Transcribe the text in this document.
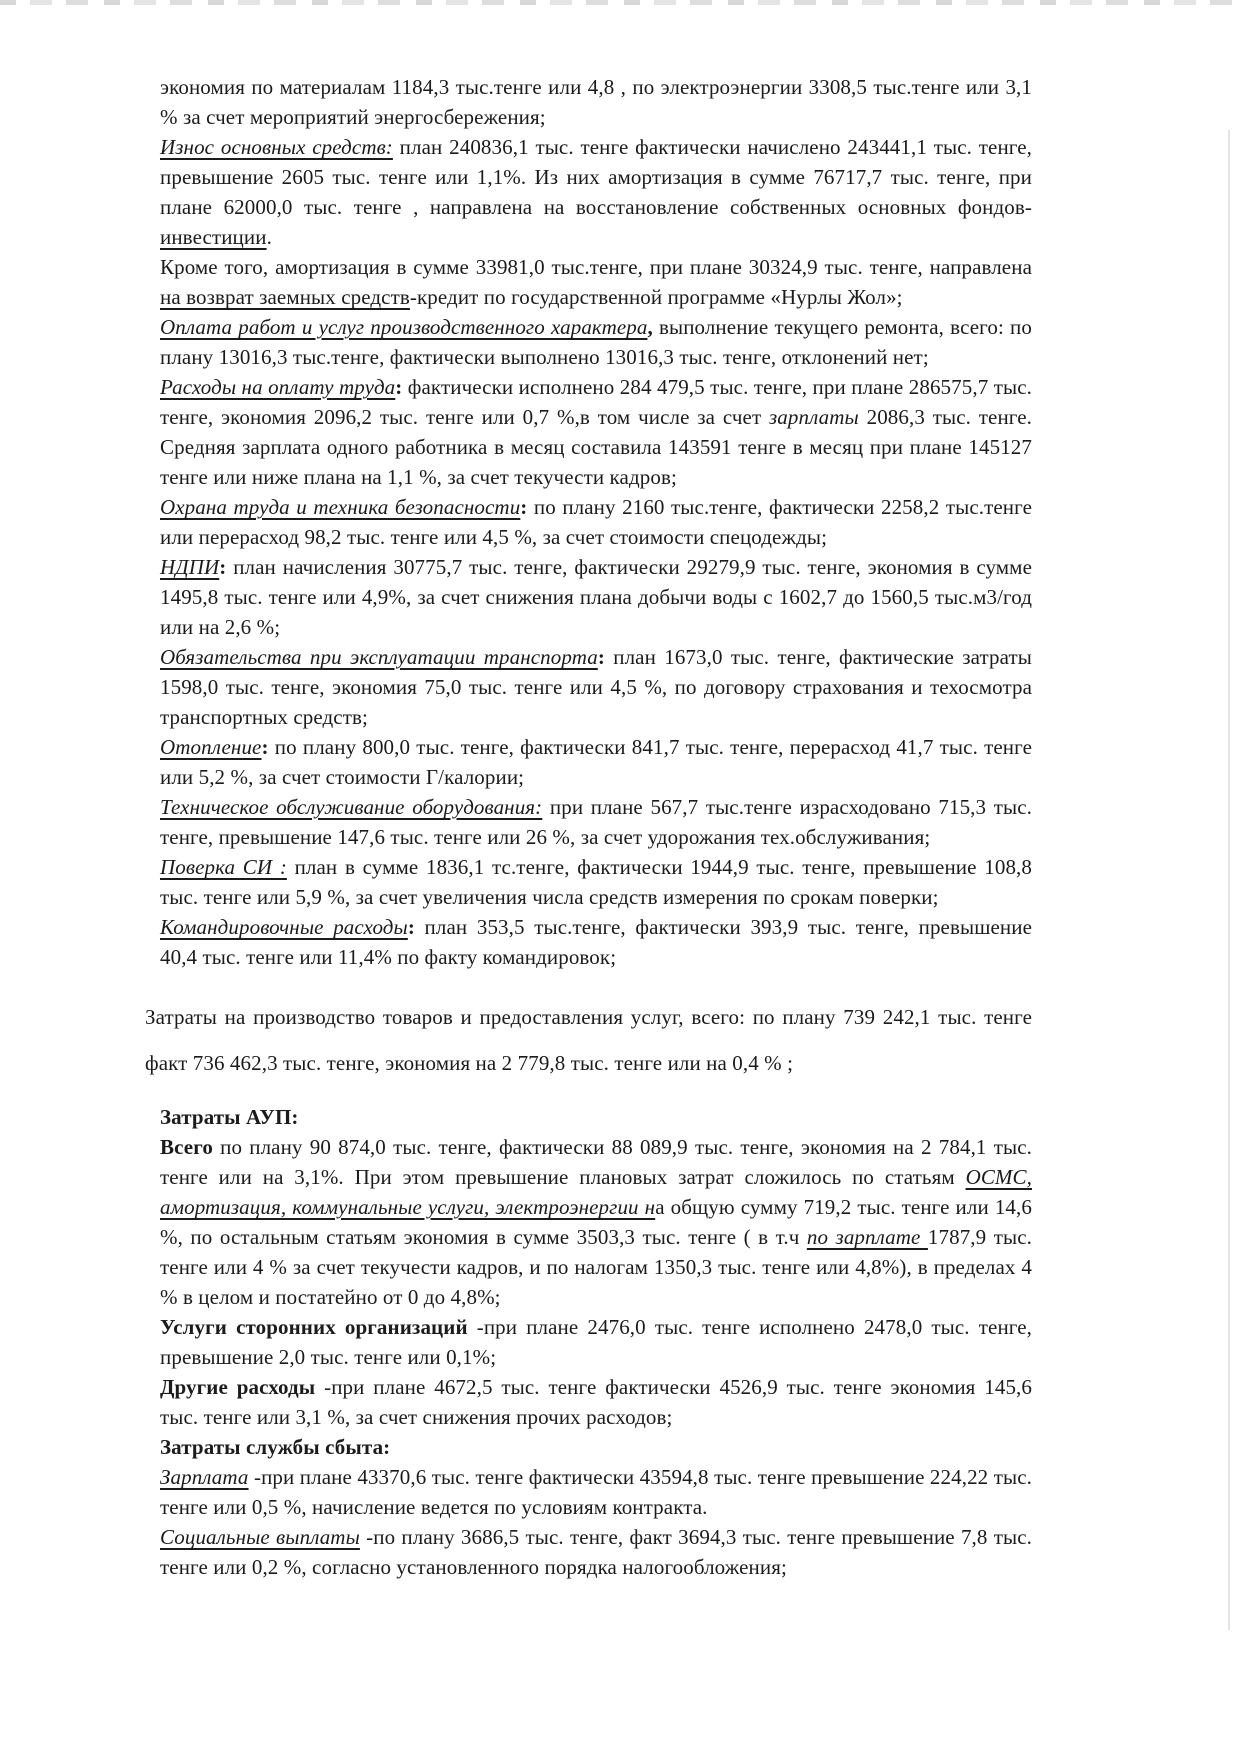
экономия по материалам 1184,3 тыс.тенге или 4,8 , по электроэнергии 3308,5 тыс.тенге или 3,1 % за счет мероприятий энергосбережения;

Износ основных средств: план 240836,1 тыс. тенге фактически начислено 243441,1 тыс. тенге, превышение 2605 тыс. тенге или 1,1%. Из них амортизация в сумме 76717,7 тыс. тенге, при плане 62000,0 тыс. тенге , направлена на восстановление собственных основных фондов- инвестиции.

Кроме того, амортизация в сумме 33981,0 тыс.тенге, при плане 30324,9 тыс. тенге, направлена на возврат заемных средств-кредит по государственной программе «Нурлы Жол»;

Оплата работ и услуг производственного характера, выполнение текущего ремонта, всего: по плану 13016,3 тыс.тенге, фактически выполнено 13016,3 тыс. тенге, отклонений нет;

Расходы на оплату труда: фактически исполнено 284 479,5 тыс. тенге, при плане 286575,7 тыс. тенге, экономия 2096,2 тыс. тенге или 0,7 %,в том числе за счет зарплаты 2086,3 тыс. тенге. Средняя зарплата одного работника в месяц составила 143591 тенге в месяц при плане 145127 тенге или ниже плана на 1,1 %, за счет текучести кадров;

Охрана труда и техника безопасности: по плану 2160 тыс.тенге, фактически 2258,2 тыс.тенге или перерасход 98,2 тыс. тенге или 4,5 %, за счет стоимости спецодежды;

НДПИ: план начисления 30775,7 тыс. тенге, фактически 29279,9 тыс. тенге, экономия в сумме 1495,8 тыс. тенге или 4,9%, за счет снижения плана добычи воды с 1602,7 до 1560,5 тыс.м3/год или на 2,6 %;

Обязательства при эксплуатации транспорта: план 1673,0 тыс. тенге, фактические затраты 1598,0 тыс. тенге, экономия 75,0 тыс. тенге или 4,5 %, по договору страхования и техосмотра транспортных средств;

Отопление: по плану 800,0 тыс. тенге, фактически 841,7 тыс. тенге, перерасход 41,7 тыс. тенге или 5,2 %, за счет стоимости Г/калории;

Техническое обслуживание оборудования: при плане 567,7 тыс.тенге израсходовано 715,3 тыс. тенге, превышение 147,6 тыс. тенге или 26 %, за счет удорожания тех.обслуживания;

Поверка СИ : план в сумме 1836,1 тс.тенге, фактически 1944,9 тыс. тенге, превышение 108,8 тыс. тенге или 5,9 %, за счет увеличения числа средств измерения по срокам поверки;

Командировочные расходы: план 353,5 тыс.тенге, фактически 393,9 тыс. тенге, превышение 40,4 тыс. тенге или 11,4% по факту командировок;

Затраты на производство товаров и предоставления услуг, всего: по плану 739 242,1 тыс. тенге факт 736 462,3 тыс. тенге, экономия на 2 779,8 тыс. тенге или на 0,4 % ;

Затраты АУП:

Всего по плану 90 874,0 тыс. тенге, фактически 88 089,9 тыс. тенге, экономия на 2 784,1 тыс. тенге или на 3,1%. При этом превышение плановых затрат сложилось по статьям ОСМС, амортизация, коммунальные услуги, электроэнергии на общую сумму 719,2 тыс. тенге или 14,6 %, по остальным статьям экономия в сумме 3503,3 тыс. тенге ( в т.ч по зарплате 1787,9 тыс. тенге или 4 % за счет текучести кадров, и по налогам 1350,3 тыс. тенге или 4,8%), в пределах 4 % в целом и постатейно от 0 до 4,8%;

Услуги сторонних организаций -при плане 2476,0 тыс. тенге исполнено 2478,0 тыс. тенге, превышение 2,0 тыс. тенге или 0,1%;

Другие расходы -при плане 4672,5 тыс. тенге фактически 4526,9 тыс. тенге экономия 145,6 тыс. тенге или 3,1 %, за счет снижения прочих расходов;

Затраты службы сбыта:

Зарплата -при плане 43370,6 тыс. тенге фактически 43594,8 тыс. тенге превышение 224,22 тыс. тенге или 0,5 %, начисление ведется по условиям контракта.

Социальные выплаты -по плану 3686,5 тыс. тенге, факт 3694,3 тыс. тенге превышение 7,8 тыс. тенге или 0,2 %, согласно установленного порядка налогообложения;
